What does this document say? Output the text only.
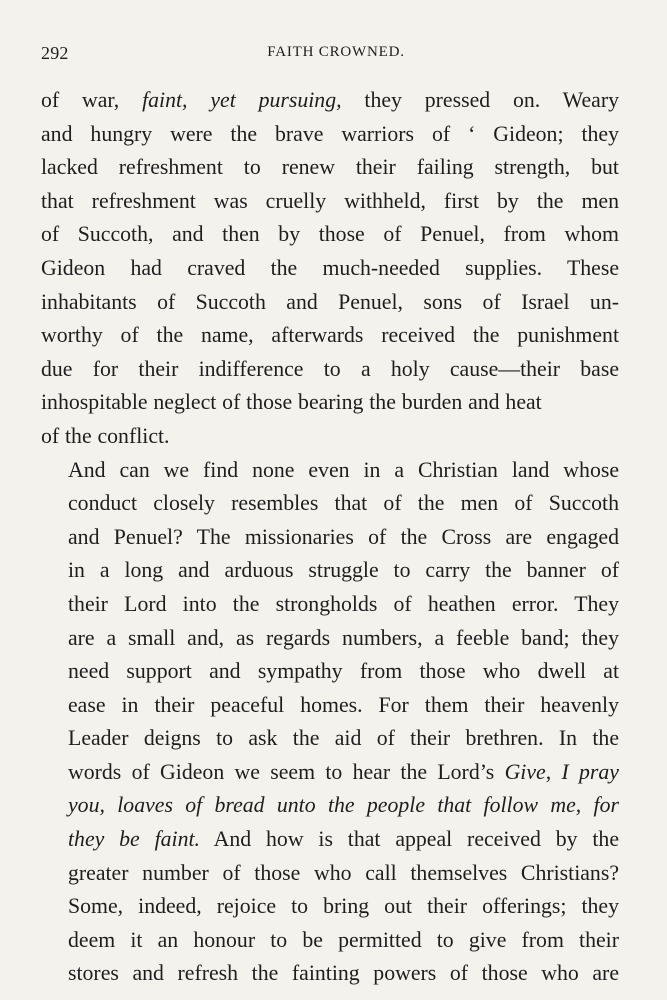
292	FAITH CROWNED.

of war, faint, yet pursuing, they pressed on. Weary
and hungry were the brave warriors of ‘ Gideon; they
lacked refreshment to renew their failing strength, but
that refreshment was cruelly withheld, first by the men
of Succoth, and then by those of Penuel, from whom
Gideon had craved the much-needed supplies. These
inhabitants of Succoth and Penuel, sons of Israel un-
worthy of the name, afterwards received the punishment
due for their indifference to a holy cause—their base
inhospitable neglect of those bearing the burden and heat
of the conflict.

And can we find none even in a Christian land whose
conduct closely resembles that of the men of Succoth
and Penuel? The missionaries of the Cross are engaged
in a long and arduous struggle to carry the banner of
their Lord into the strongholds of heathen error. They
are a small and, as regards numbers, a feeble band; they
need support and sympathy from those who dwell at
ease in their peaceful homes. For them their heavenly
Leader deigns to ask the aid of their brethren. In the
words of Gideon we seem to hear the Lord’s Give, I pray
you, loaves of bread unto the people that follow me, for
they be faint. And how is that appeal received by the
greater number of those who call themselves Christians?
Some, indeed, rejoice to bring out their offerings; they
deem it an honour to be permitted to give from their
stores and refresh the fainting powers of those who are
